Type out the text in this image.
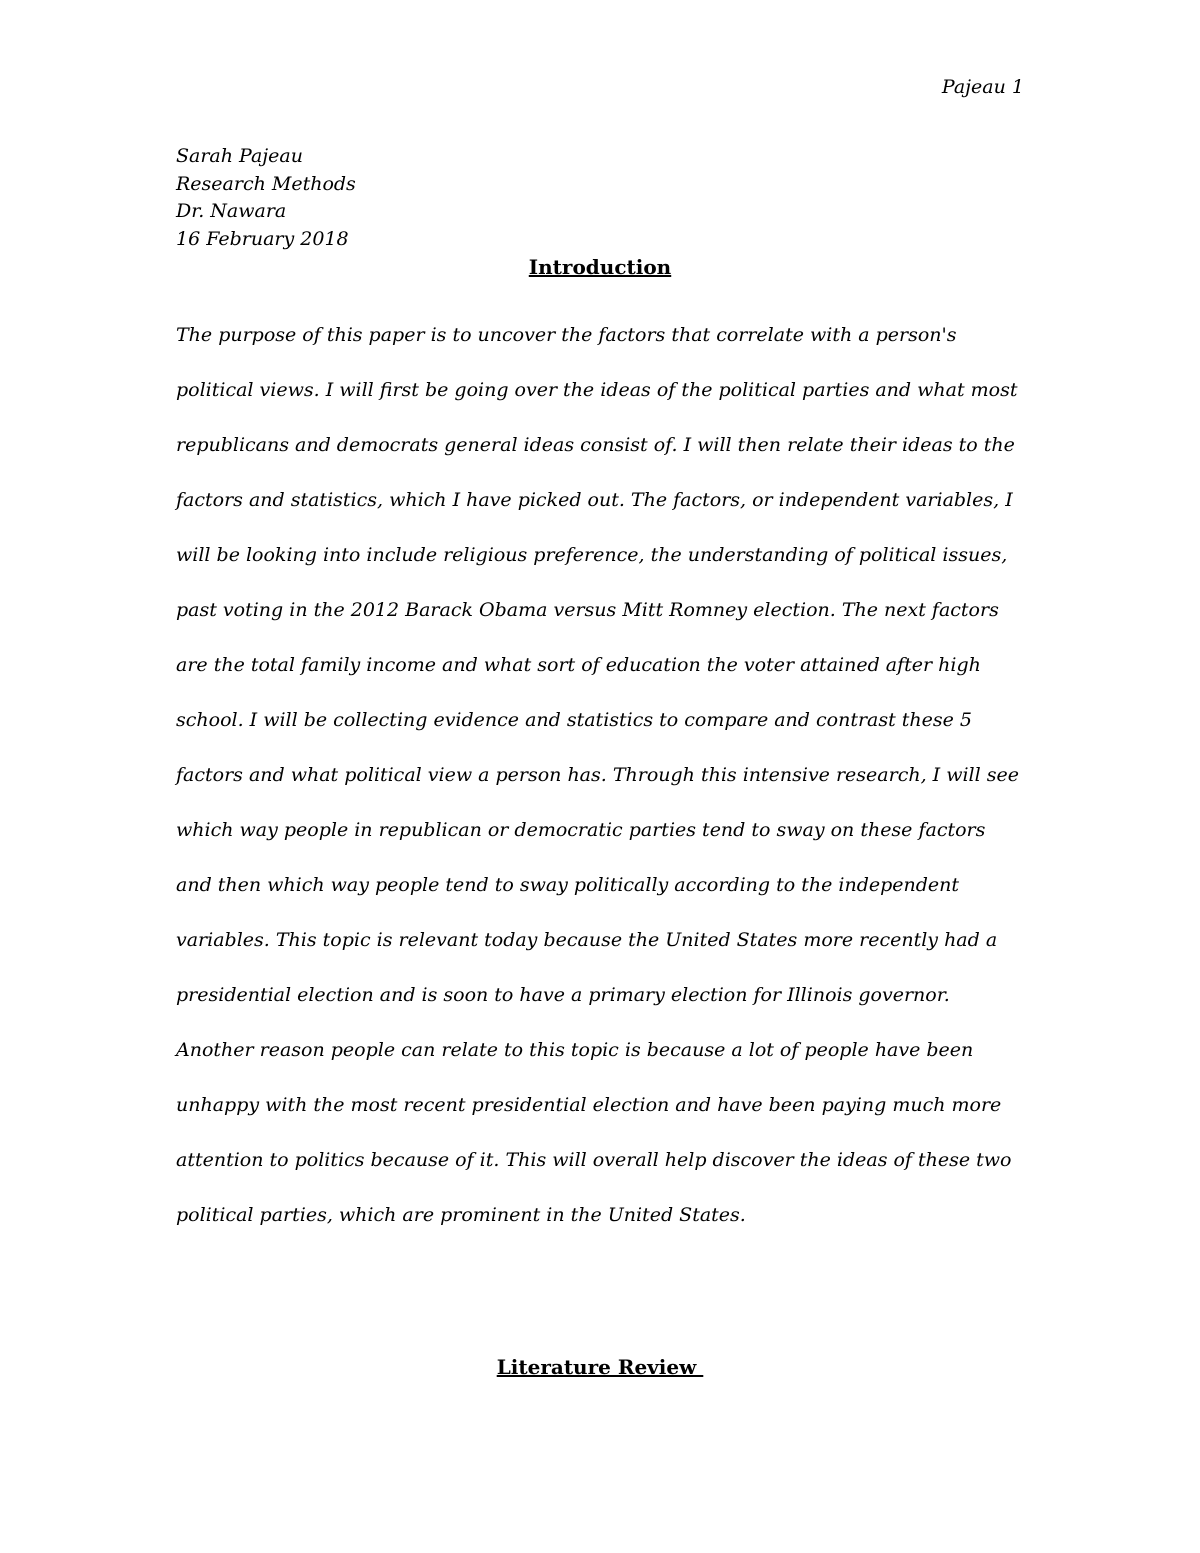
Pajeau 1
Sarah Pajeau
Research Methods
Dr. Nawara
16 February 2018
Introduction
The purpose of this paper is to uncover the factors that correlate with a person's
political views. I will first be going over the ideas of the political parties and what most
republicans and democrats general ideas consist of. I will then relate their ideas to the
factors and statistics, which I have picked out. The factors, or independent variables, I
will be looking into include religious preference, the understanding of political issues,
past voting in the 2012 Barack Obama versus Mitt Romney election. The next factors
are the total family income and what sort of education the voter attained after high
school. I will be collecting evidence and statistics to compare and contrast these 5
factors and what political view a person has. Through this intensive research, I will see
which way people in republican or democratic parties tend to sway on these factors
and then which way people tend to sway politically according to the independent
variables. This topic is relevant today because the United States more recently had a
presidential election and is soon to have a primary election for Illinois governor.
Another reason people can relate to this topic is because a lot of people have been
unhappy with the most recent presidential election and have been paying much more
attention to politics because of it. This will overall help discover the ideas of these two
political parties, which are prominent in the United States.
Literature Review
